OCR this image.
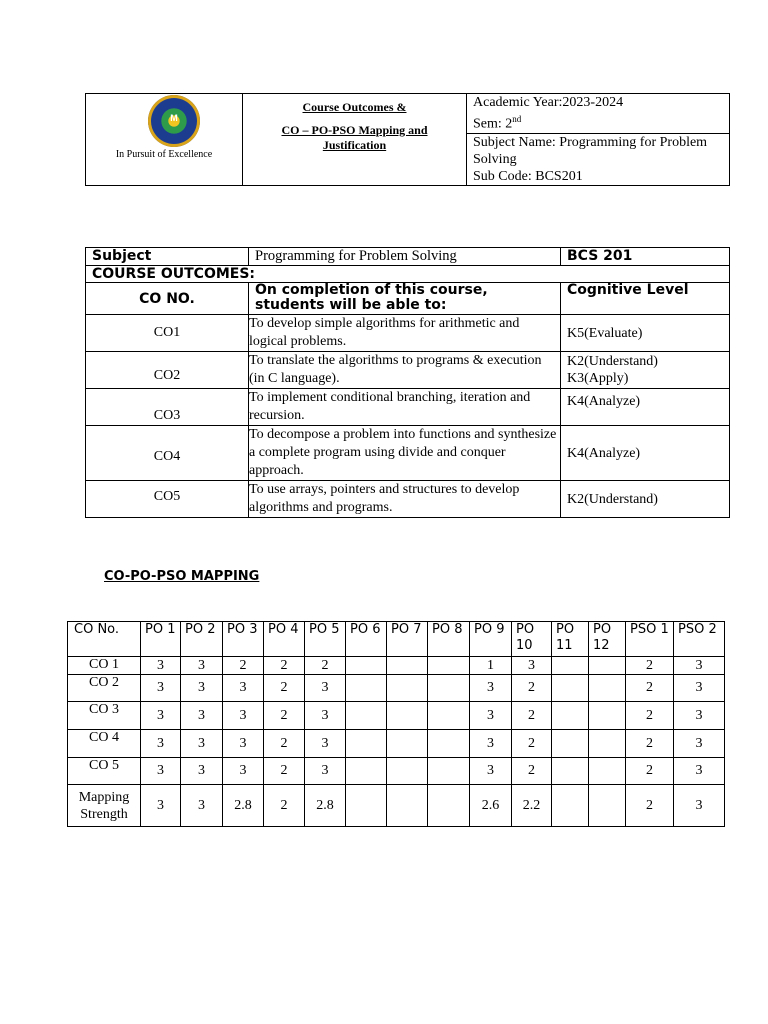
M
In Pursuit of Excellence

Course Outcomes &
CO – PO-PSO Mapping and
Justification

Academic Year:2023-2024
Sem: 2nd

Subject Name: Programming for Problem Solving
Sub Code: BCS201
Subject	Programming for Problem Solving	BCS 201
COURSE OUTCOMES:		
CO NO.	On completion of this course, students will be able to:	Cognitive Level
CO1	To develop simple algorithms for arithmetic and logical problems.	K5(Evaluate)
CO2	To translate the algorithms to programs & execution (in C language).	K2(Understand) K3(Apply)

CO3	To implement conditional branching, iteration and recursion.	K4(Analyze)
CO4	To decompose a problem into functions and synthesize a complete program using divide and conquer approach.	K4(Analyze)
CO5	To use arrays, pointers and structures to develop algorithms and programs.	K2(Understand)
CO-PO-PSO MAPPING
CO No.	PO 1	PO 2	PO 3	PO 4	PO 5	PO 6	PO 7	PO 8	PO 9	PO 10	PO 11	PO 12	PSO 1	PSO 2
CO 1	3	3	2	2	2				1	3			2	3
CO 2	3	3	3	2	3				3	2			2	3
CO 3	3	3	3	2	3				3	2			2	3
CO 4	3	3	3	2	3				3	2			2	3
CO 5	3	3	3	2	3				3	2			2	3
Mapping Strength	3	3	2.8	2	2.8				2.6	2.2			2	3
